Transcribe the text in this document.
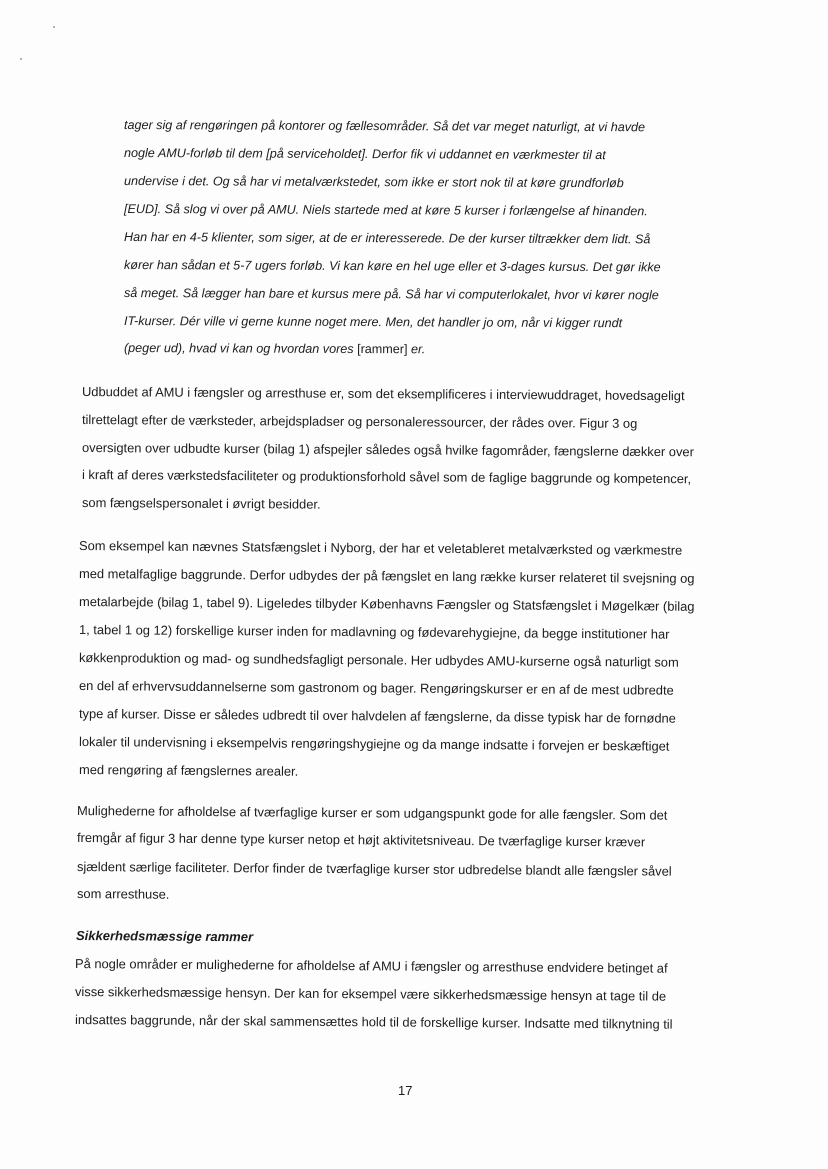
tager sig af rengøringen på kontorer og fællesområder. Så det var meget naturligt, at vi havde
nogle AMU-forløb til dem [på serviceholdet]. Derfor fik vi uddannet en værkmester til at
undervise i det. Og så har vi metalværkstedet, som ikke er stort nok til at køre grundforløb
[EUD]. Så slog vi over på AMU. Niels startede med at køre 5 kurser i forlængelse af hinanden.
Han har en 4-5 klienter, som siger, at de er interesserede. De der kurser tiltrækker dem lidt. Så
kører han sådan et 5-7 ugers forløb. Vi kan køre en hel uge eller et 3-dages kursus. Det gør ikke
så meget. Så lægger han bare et kursus mere på. Så har vi computerlokalet, hvor vi kører nogle
IT-kurser. Dér ville vi gerne kunne noget mere. Men, det handler jo om, når vi kigger rundt
(peger ud), hvad vi kan og hvordan vores [rammer] er.
Udbuddet af AMU i fængsler og arresthuse er, som det eksemplificeres i interviewuddraget, hovedsageligt
tilrettelagt efter de værksteder, arbejdspladser og personaleressourcer, der rådes over. Figur 3 og
oversigten over udbudte kurser (bilag 1) afspejler således også hvilke fagområder, fængslerne dækker over
i kraft af deres værkstedsfaciliteter og produktionsforhold såvel som de faglige baggrunde og kompetencer,
som fængselspersonalet i øvrigt besidder.
Som eksempel kan nævnes Statsfængslet i Nyborg, der har et veletableret metalværksted og værkmestre
med metalfaglige baggrunde. Derfor udbydes der på fængslet en lang række kurser relateret til svejsning og
metalarbejde (bilag 1, tabel 9). Ligeledes tilbyder Københavns Fængsler og Statsfængslet i Møgelkær (bilag
1, tabel 1 og 12) forskellige kurser inden for madlavning og fødevarehygiejne, da begge institutioner har
køkkenproduktion og mad- og sundhedsfagligt personale. Her udbydes AMU-kurserne også naturligt som
en del af erhvervsuddannelserne som gastronom og bager. Rengøringskurser er en af de mest udbredte
type af kurser. Disse er således udbredt til over halvdelen af fængslerne, da disse typisk har de fornødne
lokaler til undervisning i eksempelvis rengøringshygiejne og da mange indsatte i forvejen er beskæftiget
med rengøring af fængslernes arealer.
Mulighederne for afholdelse af tværfaglige kurser er som udgangspunkt gode for alle fængsler. Som det
fremgår af figur 3 har denne type kurser netop et højt aktivitetsniveau. De tværfaglige kurser kræver
sjældent særlige faciliteter. Derfor finder de tværfaglige kurser stor udbredelse blandt alle fængsler såvel
som arresthuse.
Sikkerhedsmæssige rammer
På nogle områder er mulighederne for afholdelse af AMU i fængsler og arresthuse endvidere betinget af
visse sikkerhedsmæssige hensyn. Der kan for eksempel være sikkerhedsmæssige hensyn at tage til de
indsattes baggrunde, når der skal sammensættes hold til de forskellige kurser. Indsatte med tilknytning til
17
